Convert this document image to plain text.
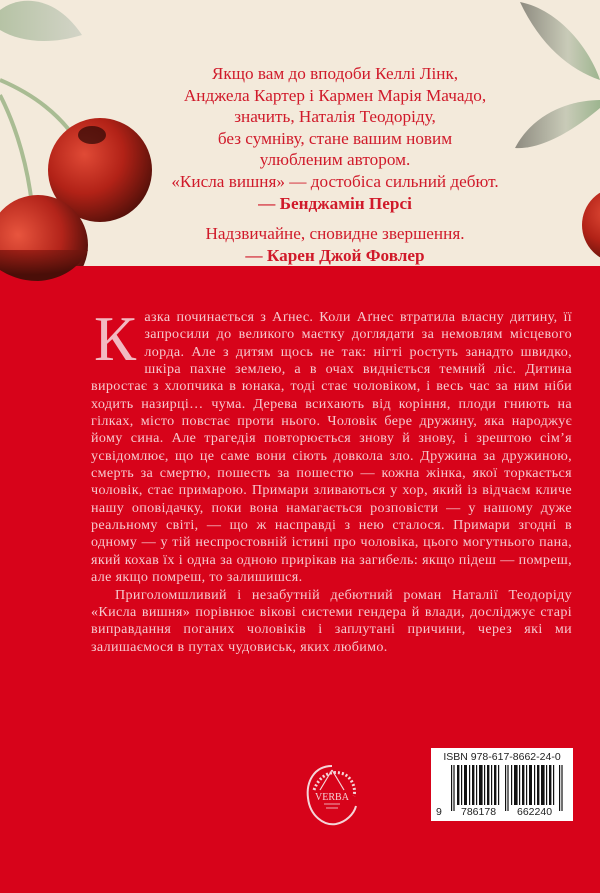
Якщо вам до вподоби Келлі Лінк,
Анджела Картер і Кармен Марія Мачадо,
значить, Наталія Теодоріду,
без сумніву, стане вашим новим
улюбленим автором.
«Кисла вишня» — достобіса сильний дебют.
— Бенджамін Персі
Надзвичайне, сновидне звершення.
— Карен Джой Фовлер

Казка починається з Аґнес. Коли Аґнес втратила власну дитину, її запросили до великого маєтку доглядати за немовлям місцевого лорда. Але з дитям щось не так: нігті ростуть занадто швидко, шкіра пахне землею, а в очах видніється темний ліс. Дитина виростає з хлопчика в юнака, тоді стає чоловіком, і весь час за ним ніби ходить назирці… чума. Дерева всихають від коріння, плоди гниють на гілках, місто повстає проти нього. Чоловік бере дружину, яка народжує йому сина. Але трагедія повторюється знову й знову, і зрештою сім’я усвідомлює, що це саме вони сіють довкола зло. Дружина за дружиною, смерть за смертю, пошесть за пошестю — кожна жінка, якої торкається чоловік, стає примарою. Примари зливаються у хор, який із відчаєм кличе нашу оповідачку, поки вона намагається розповісти — у нашому дуже реальному світі, — що ж насправді з нею сталося. Примари згодні в одному — у тій неспростовній істині про чоловіка, цього могутнього пана, який кохав їх і одна за одною прирікав на загибель: якщо підеш — помреш, але якщо помреш, то залишишся.

Приголомшливий і незабутній дебютний роман Наталії Теодоріду «Кисла вишня» порівнює вікові системи гендера й влади, досліджує старі виправдання поганих чоловіків і заплутані причини, через які ми залишаємося в путах чудовиськ, яких любимо.

VERBA
ISBN 978-617-8662-24-0
9 786178 662240
